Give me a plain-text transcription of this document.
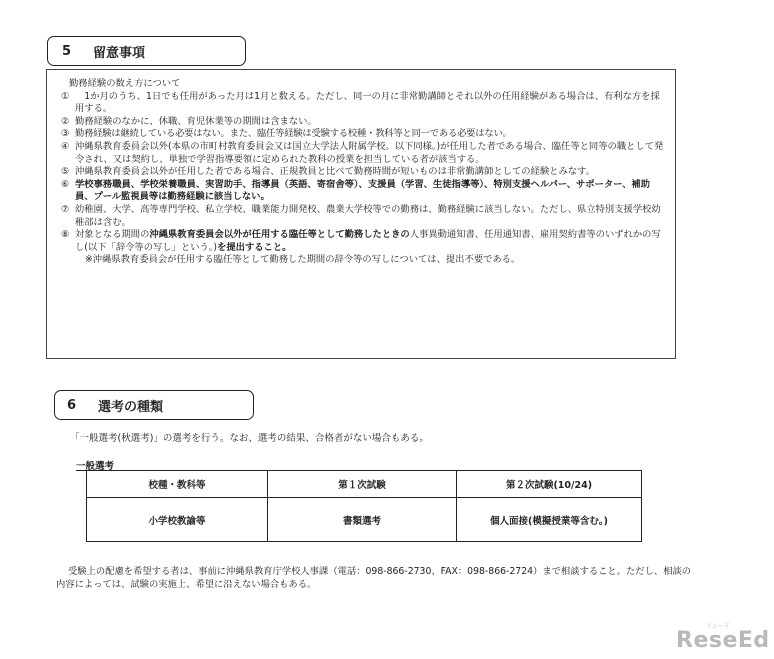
5 留意事項
勤務経験の数え方について
① 　1か月のうち、1日でも任用があった月は1月と数える。ただし、同一の月に非常勤講師とそれ以外の任用経験がある場合は、有利な方を採用する。
② 勤務経験のなかに、休職、育児休業等の期間は含まない。
③ 勤務経験は継続している必要はない。また、臨任等経験は受験する校種・教科等と同一である必要はない。
④ 沖縄県教育委員会以外(本県の市町村教育委員会又は国立大学法人附属学校。以下同様。)が任用した者である場合、臨任等と同等の職として発令され、又は契約し、単独で学習指導要領に定められた教科の授業を担当している者が該当する。
⑤ 沖縄県教育委員会以外が任用した者である場合、正規教員と比べて勤務時間が短いものは非常勤講師としての経験とみなす。
⑥ 学校事務職員、学校栄養職員、実習助手、指導員（英語、寄宿舎等）、支援員（学習、生徒指導等）、特別支援ヘルパー、サポーター、補助員、プール監視員等は勤務経験に該当しない。
⑦ 幼稚園、大学、高等専門学校、私立学校、職業能力開発校、農業大学校等での勤務は、勤務経験に該当しない。ただし、県立特別支援学校幼稚部は含む。
⑧ 対象となる期間の沖縄県教育委員会以外が任用する臨任等として勤務したときの人事異動通知書、任用通知書、雇用契約書等のいずれかの写し(以下「辞令等の写し」という。)を提出すること。
※沖縄県教育委員会が任用する臨任等として勤務した期間の辞令等の写しについては、提出不要である。
6 選考の種類
「一般選考(秋選考)」の選考を行う。なお、選考の結果、合格者がない場合もある。
一般選考
校種・教科等	第１次試験	第２次試験(10/24)
小学校教諭等	書類選考	個人面接(模擬授業等含む。)
受験上の配慮を希望する者は、事前に沖縄県教育庁学校人事課（電話：098-866-2730、FAX：098-866-2724）まで相談すること。ただし、相談の内容によっては、試験の実施上、希望に沿えない場合もある。
リシード
ReseEd
